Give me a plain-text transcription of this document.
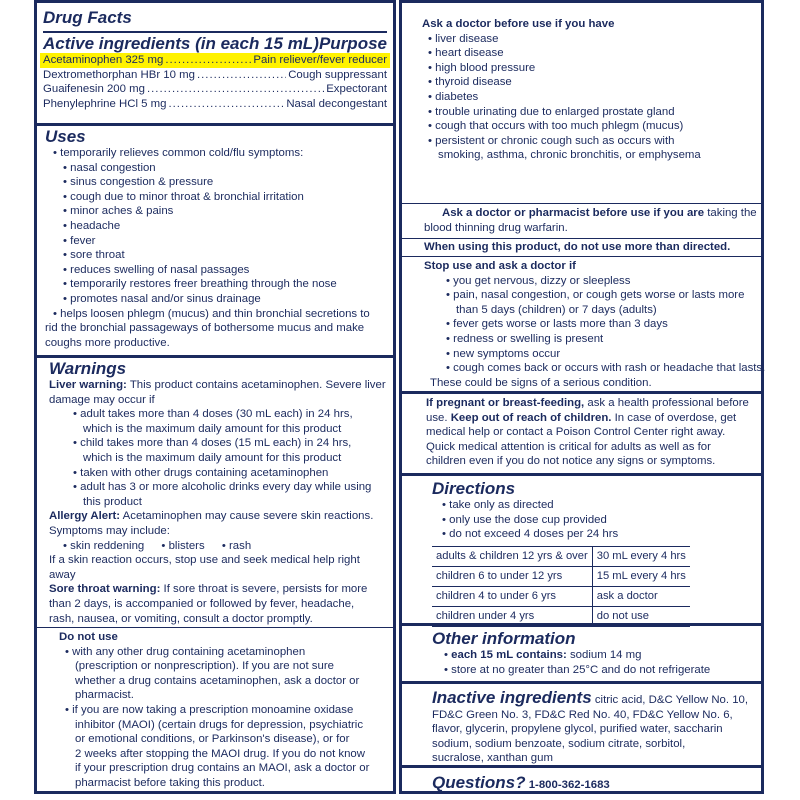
Drug Facts
Active ingredients (in each 15 mL) Purpose
Acetaminophen 325 mg .....	Pain reliever/fever reducer
Dextromethorphan HBr 10 mg .....	Cough suppressant
Guaifenesin 200 mg .....	Expectorant
Phenylephrine HCl 5 mg .....	Nasal decongestant
Uses
• temporarily relieves common cold/flu symptoms:
• nasal congestion
• sinus congestion & pressure
• cough due to minor throat & bronchial irritation
• minor aches & pains
• headache
• fever
• sore throat
• reduces swelling of nasal passages
• temporarily restores freer breathing through the nose
• promotes nasal and/or sinus drainage
• helps loosen phlegm (mucus) and thin bronchial secretions to
rid the bronchial passageways of bothersome mucus and make
coughs more productive.
Warnings
Liver warning: This product contains acetaminophen. Severe liver
damage may occur if
• adult takes more than 4 doses (30 mL each) in 24 hrs,
which is the maximum daily amount for this product
• child takes more than 4 doses (15 mL each) in 24 hrs,
which is the maximum daily amount for this product
• taken with other drugs containing acetaminophen
• adult has 3 or more alcoholic drinks every day while using
this product
Allergy Alert: Acetaminophen may cause severe skin reactions.
Symptoms may include:
• skin reddening • blisters • rash
If a skin reaction occurs, stop use and seek medical help right
away
Sore throat warning: If sore throat is severe, persists for more
than 2 days, is accompanied or followed by fever, headache,
rash, nausea, or vomiting, consult a doctor promptly.
Do not use
• with any other drug containing acetaminophen
(prescription or nonprescription). If you are not sure
whether a drug contains acetaminophen, ask a doctor or
pharmacist.
• if you are now taking a prescription monoamine oxidase
inhibitor (MAOI) (certain drugs for depression, psychiatric
or emotional conditions, or Parkinson's disease), or for
2 weeks after stopping the MAOI drug. If you do not know
if your prescription drug contains an MAOI, ask a doctor or
pharmacist before taking this product.
Ask a doctor before use if you have
• liver disease
• heart disease
• high blood pressure
• thyroid disease
• diabetes
• trouble urinating due to enlarged prostate gland
• cough that occurs with too much phlegm (mucus)
• persistent or chronic cough such as occurs with
smoking, asthma, chronic bronchitis, or emphysema
Ask a doctor or pharmacist before use if you are taking the
blood thinning drug warfarin.
When using this product, do not use more than directed.
Stop use and ask a doctor if
• you get nervous, dizzy or sleepless
• pain, nasal congestion, or cough gets worse or lasts more
than 5 days (children) or 7 days (adults)
• fever gets worse or lasts more than 3 days
• redness or swelling is present
• new symptoms occur
• cough comes back or occurs with rash or headache that lasts.
These could be signs of a serious condition.
If pregnant or breast-feeding, ask a health professional before
use. Keep out of reach of children. In case of overdose, get
medical help or contact a Poison Control Center right away.
Quick medical attention is critical for adults as well as for
children even if you do not notice any signs or symptoms.
Directions
• take only as directed
• only use the dose cup provided
• do not exceed 4 doses per 24 hrs
adults & children 12 yrs & over	30 mL every 4 hrs
children 6 to under 12 yrs	15 mL every 4 hrs
children 4 to under 6 yrs	ask a doctor
children under 4 yrs	do not use
Other information
• each 15 mL contains: sodium 14 mg
• store at no greater than 25°C and do not refrigerate
Inactive ingredients citric acid, D&C Yellow No. 10,
FD&C Green No. 3, FD&C Red No. 40, FD&C Yellow No. 6,
flavor, glycerin, propylene glycol, purified water, saccharin
sodium, sodium benzoate, sodium citrate, sorbitol,
sucralose, xanthan gum
Questions? 1-800-362-1683
